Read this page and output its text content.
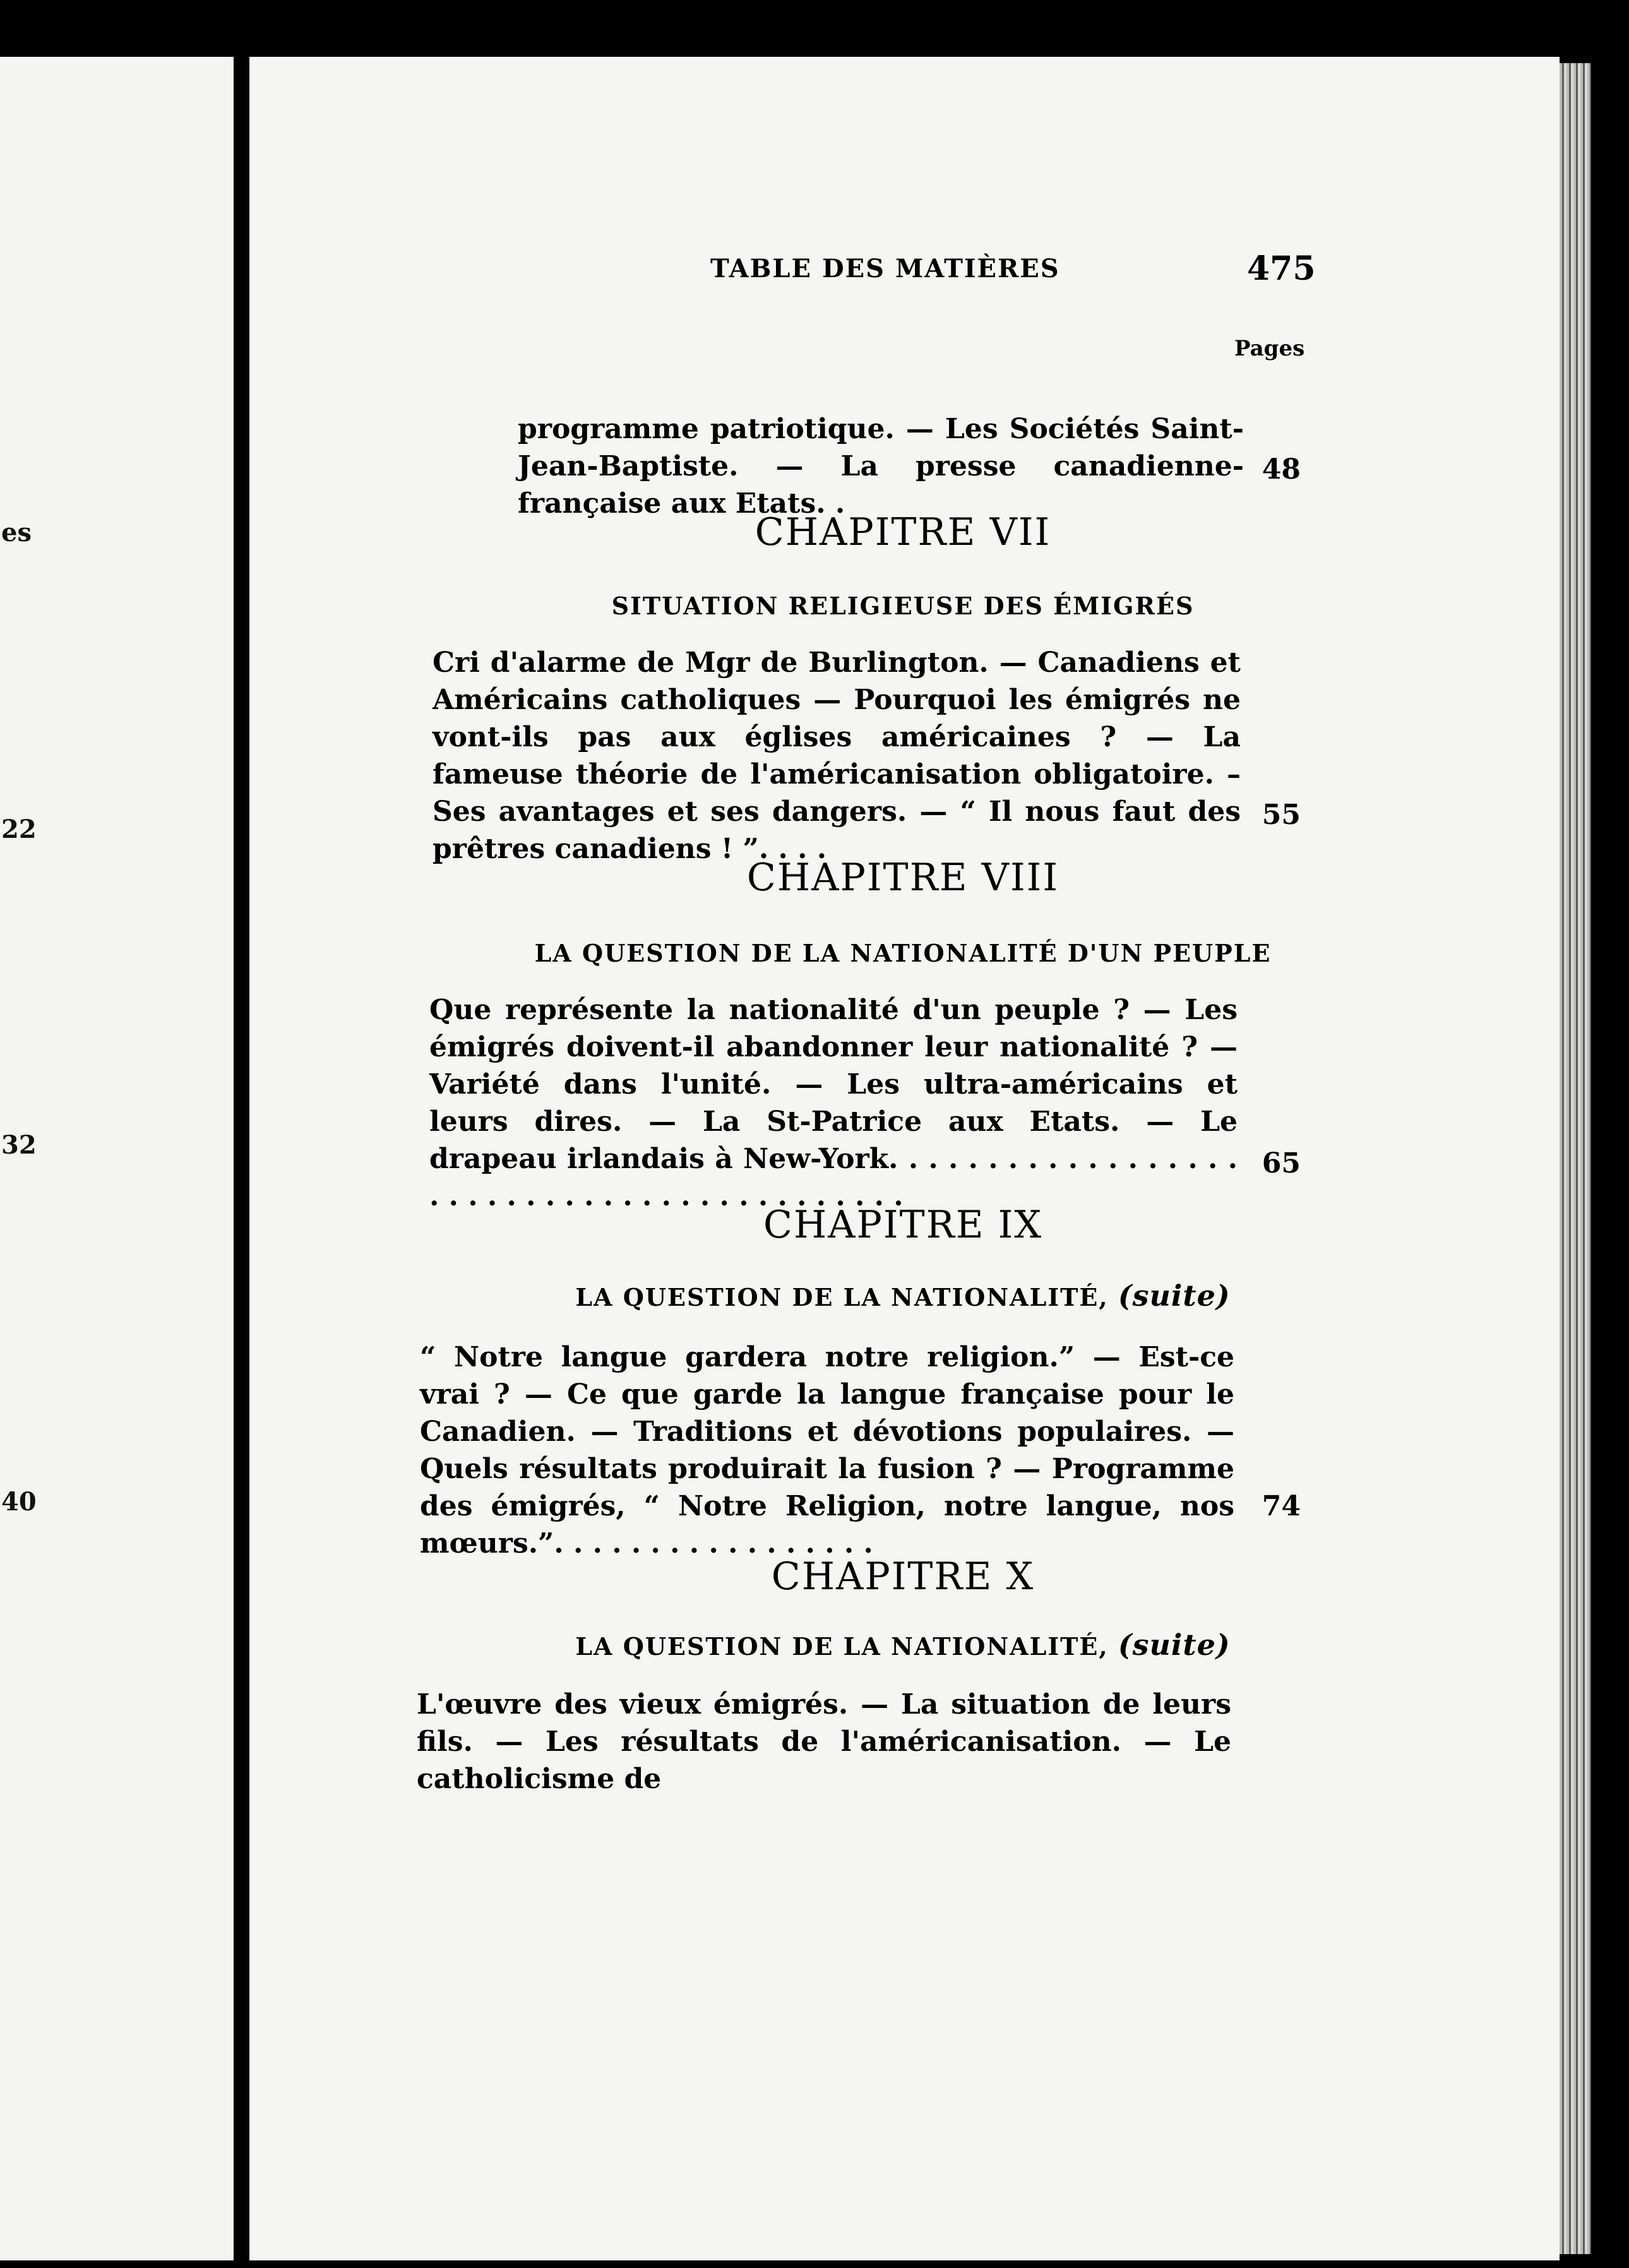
es
22
32
40
TABLE DES MATIÈRES	475
Pages
programme patriotique. — Les Sociétés Saint-Jean-Baptiste. — La presse canadienne-française aux Etats. .
48
CHAPITRE VII
SITUATION RELIGIEUSE DES ÉMIGRÉS
Cri d'alarme de Mgr de Burlington. — Canadiens et Américains catholiques — Pourquoi les émigrés ne vont-ils pas aux églises américaines ? — La fameuse théorie de l'américanisation obligatoire. – Ses avantages et ses dangers. — “ Il nous faut des prêtres canadiens ! ”. . . .
55
CHAPITRE VIII
LA QUESTION DE LA NATIONALITÉ D'UN PEUPLE
Que représente la nationalité d'un peuple ? — Les émigrés doivent-il abandonner leur nationalité ? — Variété dans l'unité. — Les ultra-américains et leurs dires. — La St-Patrice aux Etats. — Le drapeau irlandais à New-York. . . . . . . . . . . . . . . . . . . . . . . . . . . . . . . . . . . . . . . . . . .
65
CHAPITRE IX
LA QUESTION DE LA NATIONALITÉ, (suite)
“ Notre langue gardera notre religion.” — Est-ce vrai ? — Ce que garde la langue française pour le Canadien. — Traditions et dévotions populaires. — Quels résultats produirait la fusion ? — Programme des émigrés, “ Notre Religion, notre langue, nos mœurs.”. . . . . . . . . . . . . . . . .
74
CHAPITRE X
LA QUESTION DE LA NATIONALITÉ, (suite)
L'œuvre des vieux émigrés. — La situation de leurs fils. — Les résultats de l'américanisation. — Le catholicisme de
